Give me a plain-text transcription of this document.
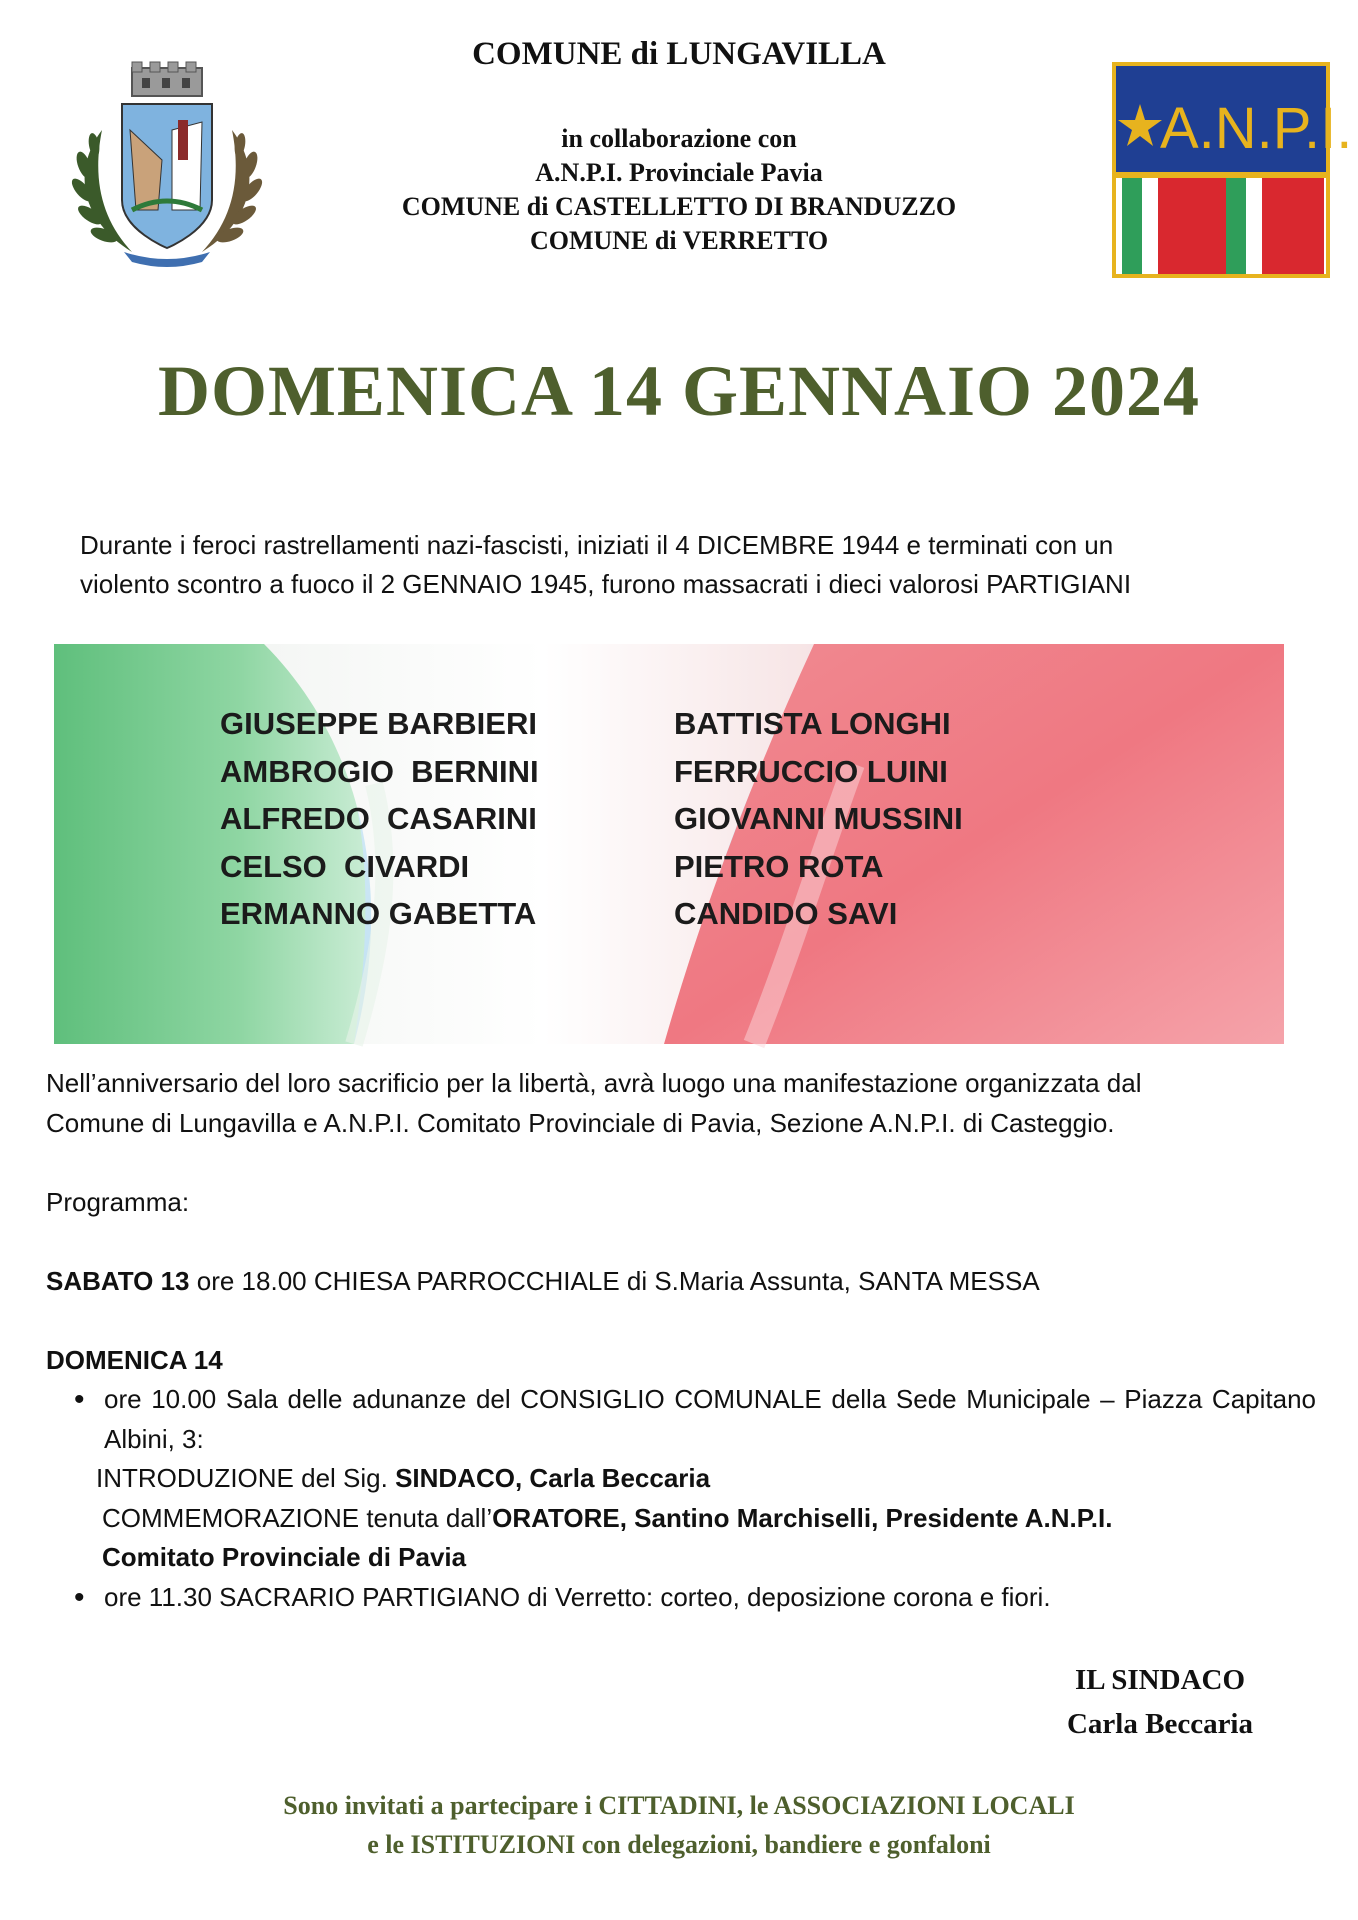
A.N.P.I.
COMUNE di LUNGAVILLA
in collaborazione con
A.N.P.I. Provinciale Pavia
COMUNE di CASTELLETTO DI BRANDUZZO
COMUNE di VERRETTO
DOMENICA 14 GENNAIO 2024
Durante i feroci rastrellamenti nazi-fascisti, iniziati il 4 DICEMBRE 1944 e terminati con un
violento scontro a fuoco il 2 GENNAIO 1945, furono massacrati i dieci valorosi PARTIGIANI
GIUSEPPE BARBIERI
AMBROGIO  BERNINI
ALFREDO  CASARINI
CELSO  CIVARDI
ERMANNO GABETTA
BATTISTA LONGHI
FERRUCCIO LUINI
GIOVANNI MUSSINI
PIETRO ROTA
CANDIDO SAVI
Nell’anniversario del loro sacrificio per la libertà, avrà luogo una manifestazione organizzata dal
Comune di Lungavilla e A.N.P.I. Comitato Provinciale di Pavia, Sezione A.N.P.I. di Casteggio.
Programma:
SABATO 13 ore 18.00 CHIESA PARROCCHIALE di S.Maria Assunta, SANTA MESSA
DOMENICA 14
• ore 10.00 Sala delle adunanze del CONSIGLIO COMUNALE della Sede Municipale – Piazza Capitano Albini, 3:
INTRODUZIONE del Sig. SINDACO, Carla Beccaria
COMMEMORAZIONE tenuta dall’ORATORE, Santino Marchiselli, Presidente A.N.P.I.
Comitato Provinciale di Pavia
• ore 11.30 SACRARIO PARTIGIANO di Verretto: corteo, deposizione corona e fiori.
IL SINDACO
Carla Beccaria
Sono invitati a partecipare i CITTADINI, le ASSOCIAZIONI LOCALI
e le ISTITUZIONI con delegazioni, bandiere e gonfaloni
